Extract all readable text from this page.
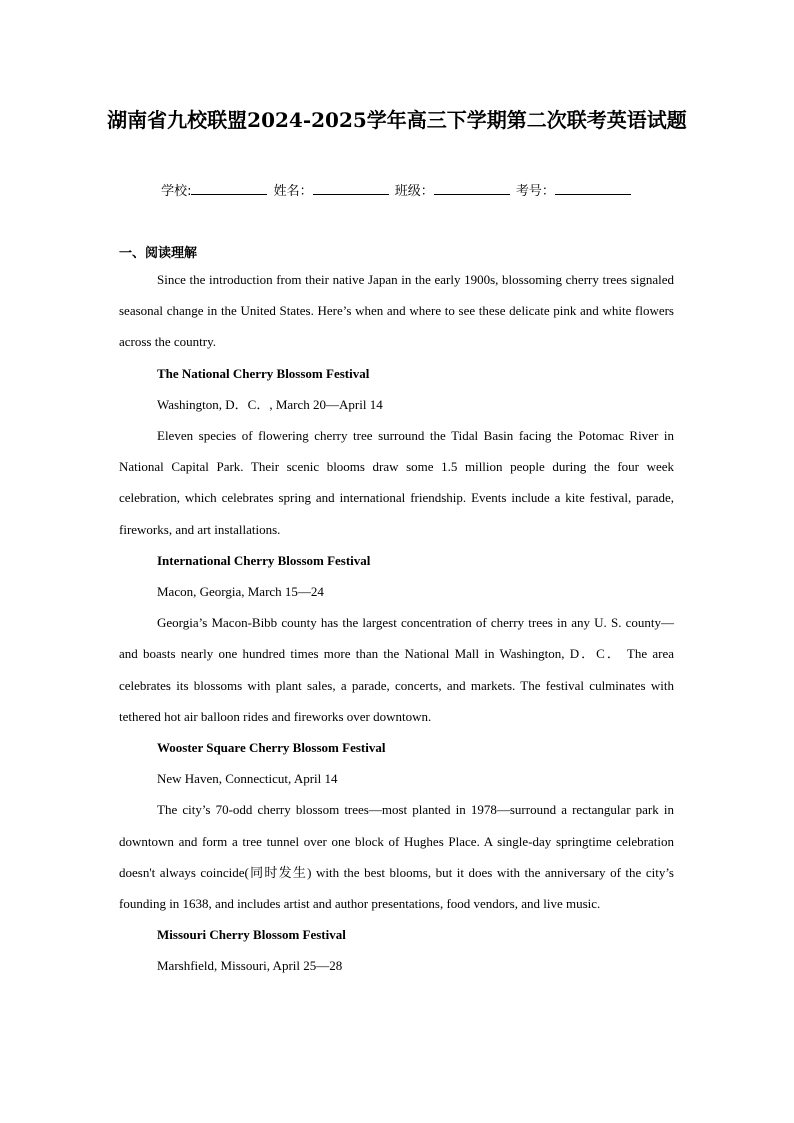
湖南省九校联盟2024-2025学年高三下学期第二次联考英语试题
学校:	姓名：	班级：	考号：
一、阅读理解

Since the introduction from their native Japan in the early 1900s, blossoming cherry trees signaled seasonal change in the United States. Here’s when and where to see these delicate pink and white flowers across the country.

The National Cherry Blossom Festival

Washington, D．C．, March 20—April 14

Eleven species of flowering cherry tree surround the Tidal Basin facing the Potomac River in National Capital Park. Their scenic blooms draw some 1.5 million people during the four week celebration, which celebrates spring and international friendship. Events include a kite festival, parade, fireworks, and art installations.

International Cherry Blossom Festival

Macon, Georgia, March 15—24

Georgia’s Macon-Bibb county has the largest concentration of cherry trees in any U. S. county—and boasts nearly one hundred times more than the National Mall in Washington, D．C． The area celebrates its blossoms with plant sales, a parade, concerts, and markets. The festival culminates with tethered hot air balloon rides and fireworks over downtown.

Wooster Square Cherry Blossom Festival

New Haven, Connecticut, April 14

The city’s 70-odd cherry blossom trees—most planted in 1978—surround a rectangular park in downtown and form a tree tunnel over one block of Hughes Place. A single-day springtime celebration doesn't always coincide(同时发生) with the best blooms, but it does with the anniversary of the city’s founding in 1638, and includes artist and author presentations, food vendors, and live music.

Missouri Cherry Blossom Festival

Marshfield, Missouri, April 25—28
